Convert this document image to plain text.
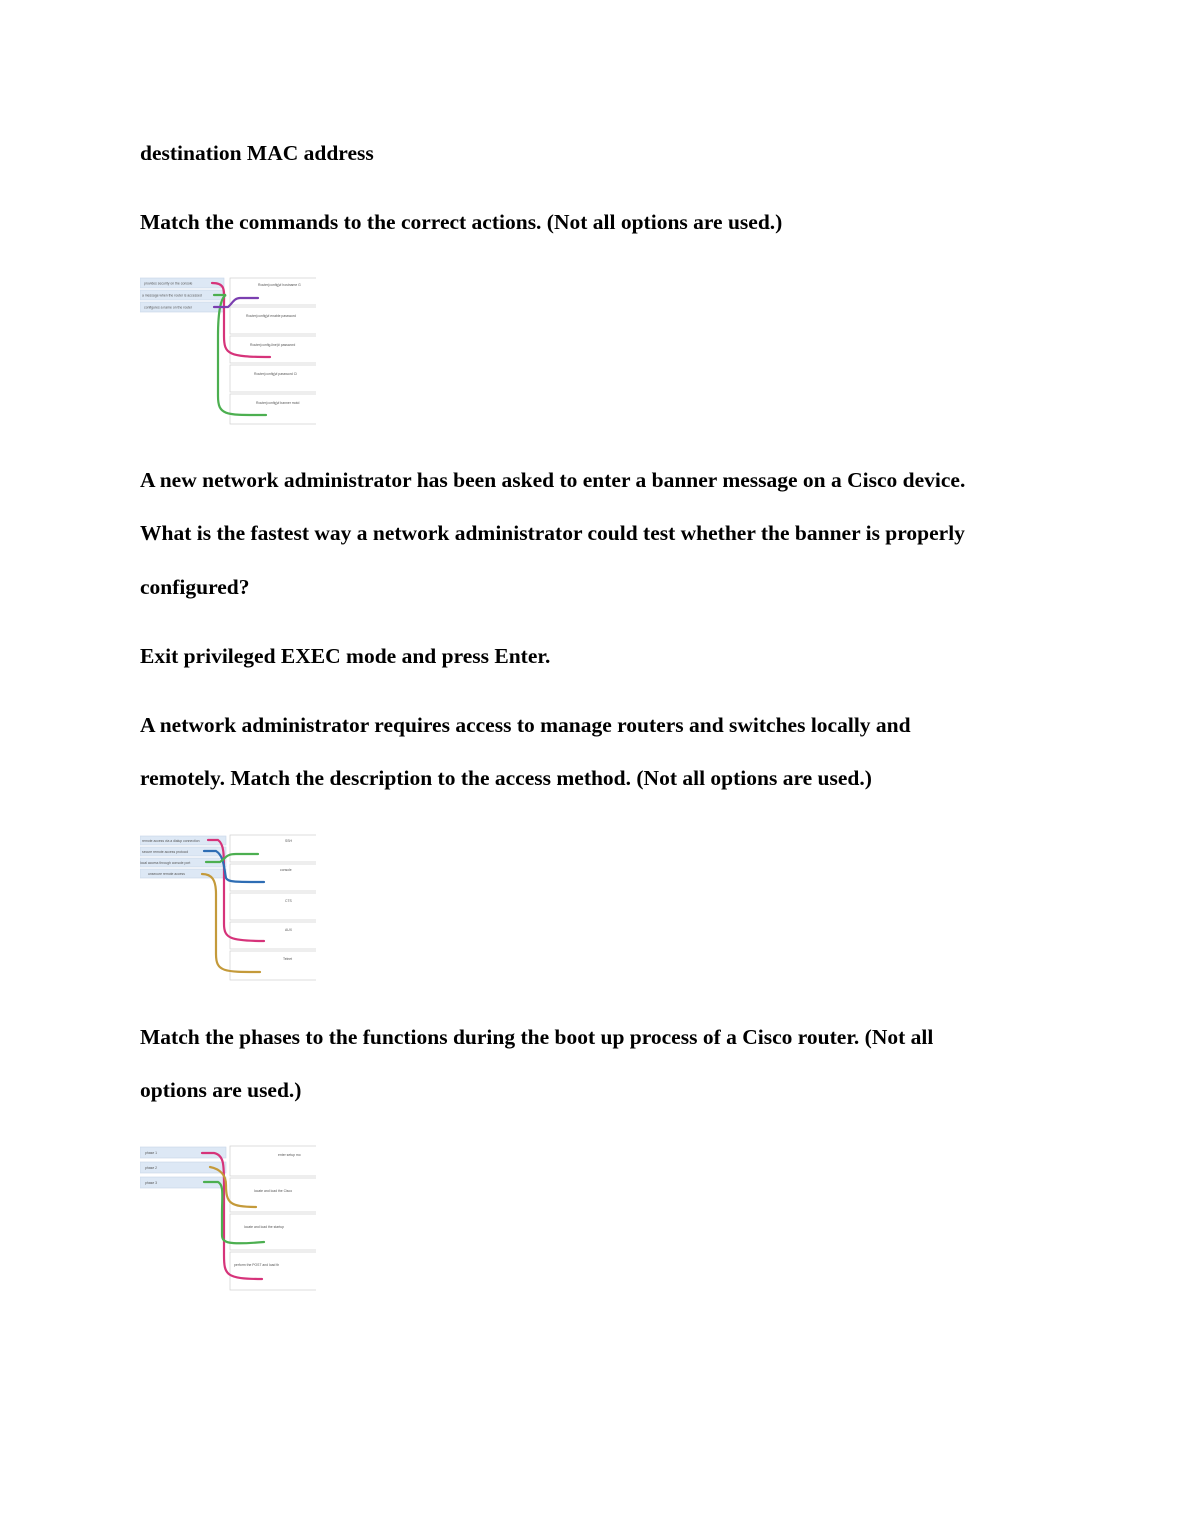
destination MAC address

Match the commands to the correct actions. (Not all options are used.)

provides security on the console
a message when the router is accessed
configures a name on the router
Router(config)# hostname G
Router(config)# enable password
Router(config-line)# password
Router(config)# password Ci
Router(config)# banner motd

A new network administrator has been asked to enter a banner message on a Cisco device.

What is the fastest way a network administrator could test whether the banner is properly

configured?

Exit privileged EXEC mode and press Enter.

A network administrator requires access to manage routers and switches locally and

remotely. Match the description to the access method. (Not all options are used.)

remote access via a dialup connection
secure remote access protocol
local access through console port
unsecure remote access
SSH
console
CTS
AUX
Telnet

Match the phases to the functions during the boot up process of a Cisco router. (Not all

options are used.)

phase 1
phase 2
phase 3
enter setup mo
locate and load the Cisco
locate and load the startup
perform the POST and load th
